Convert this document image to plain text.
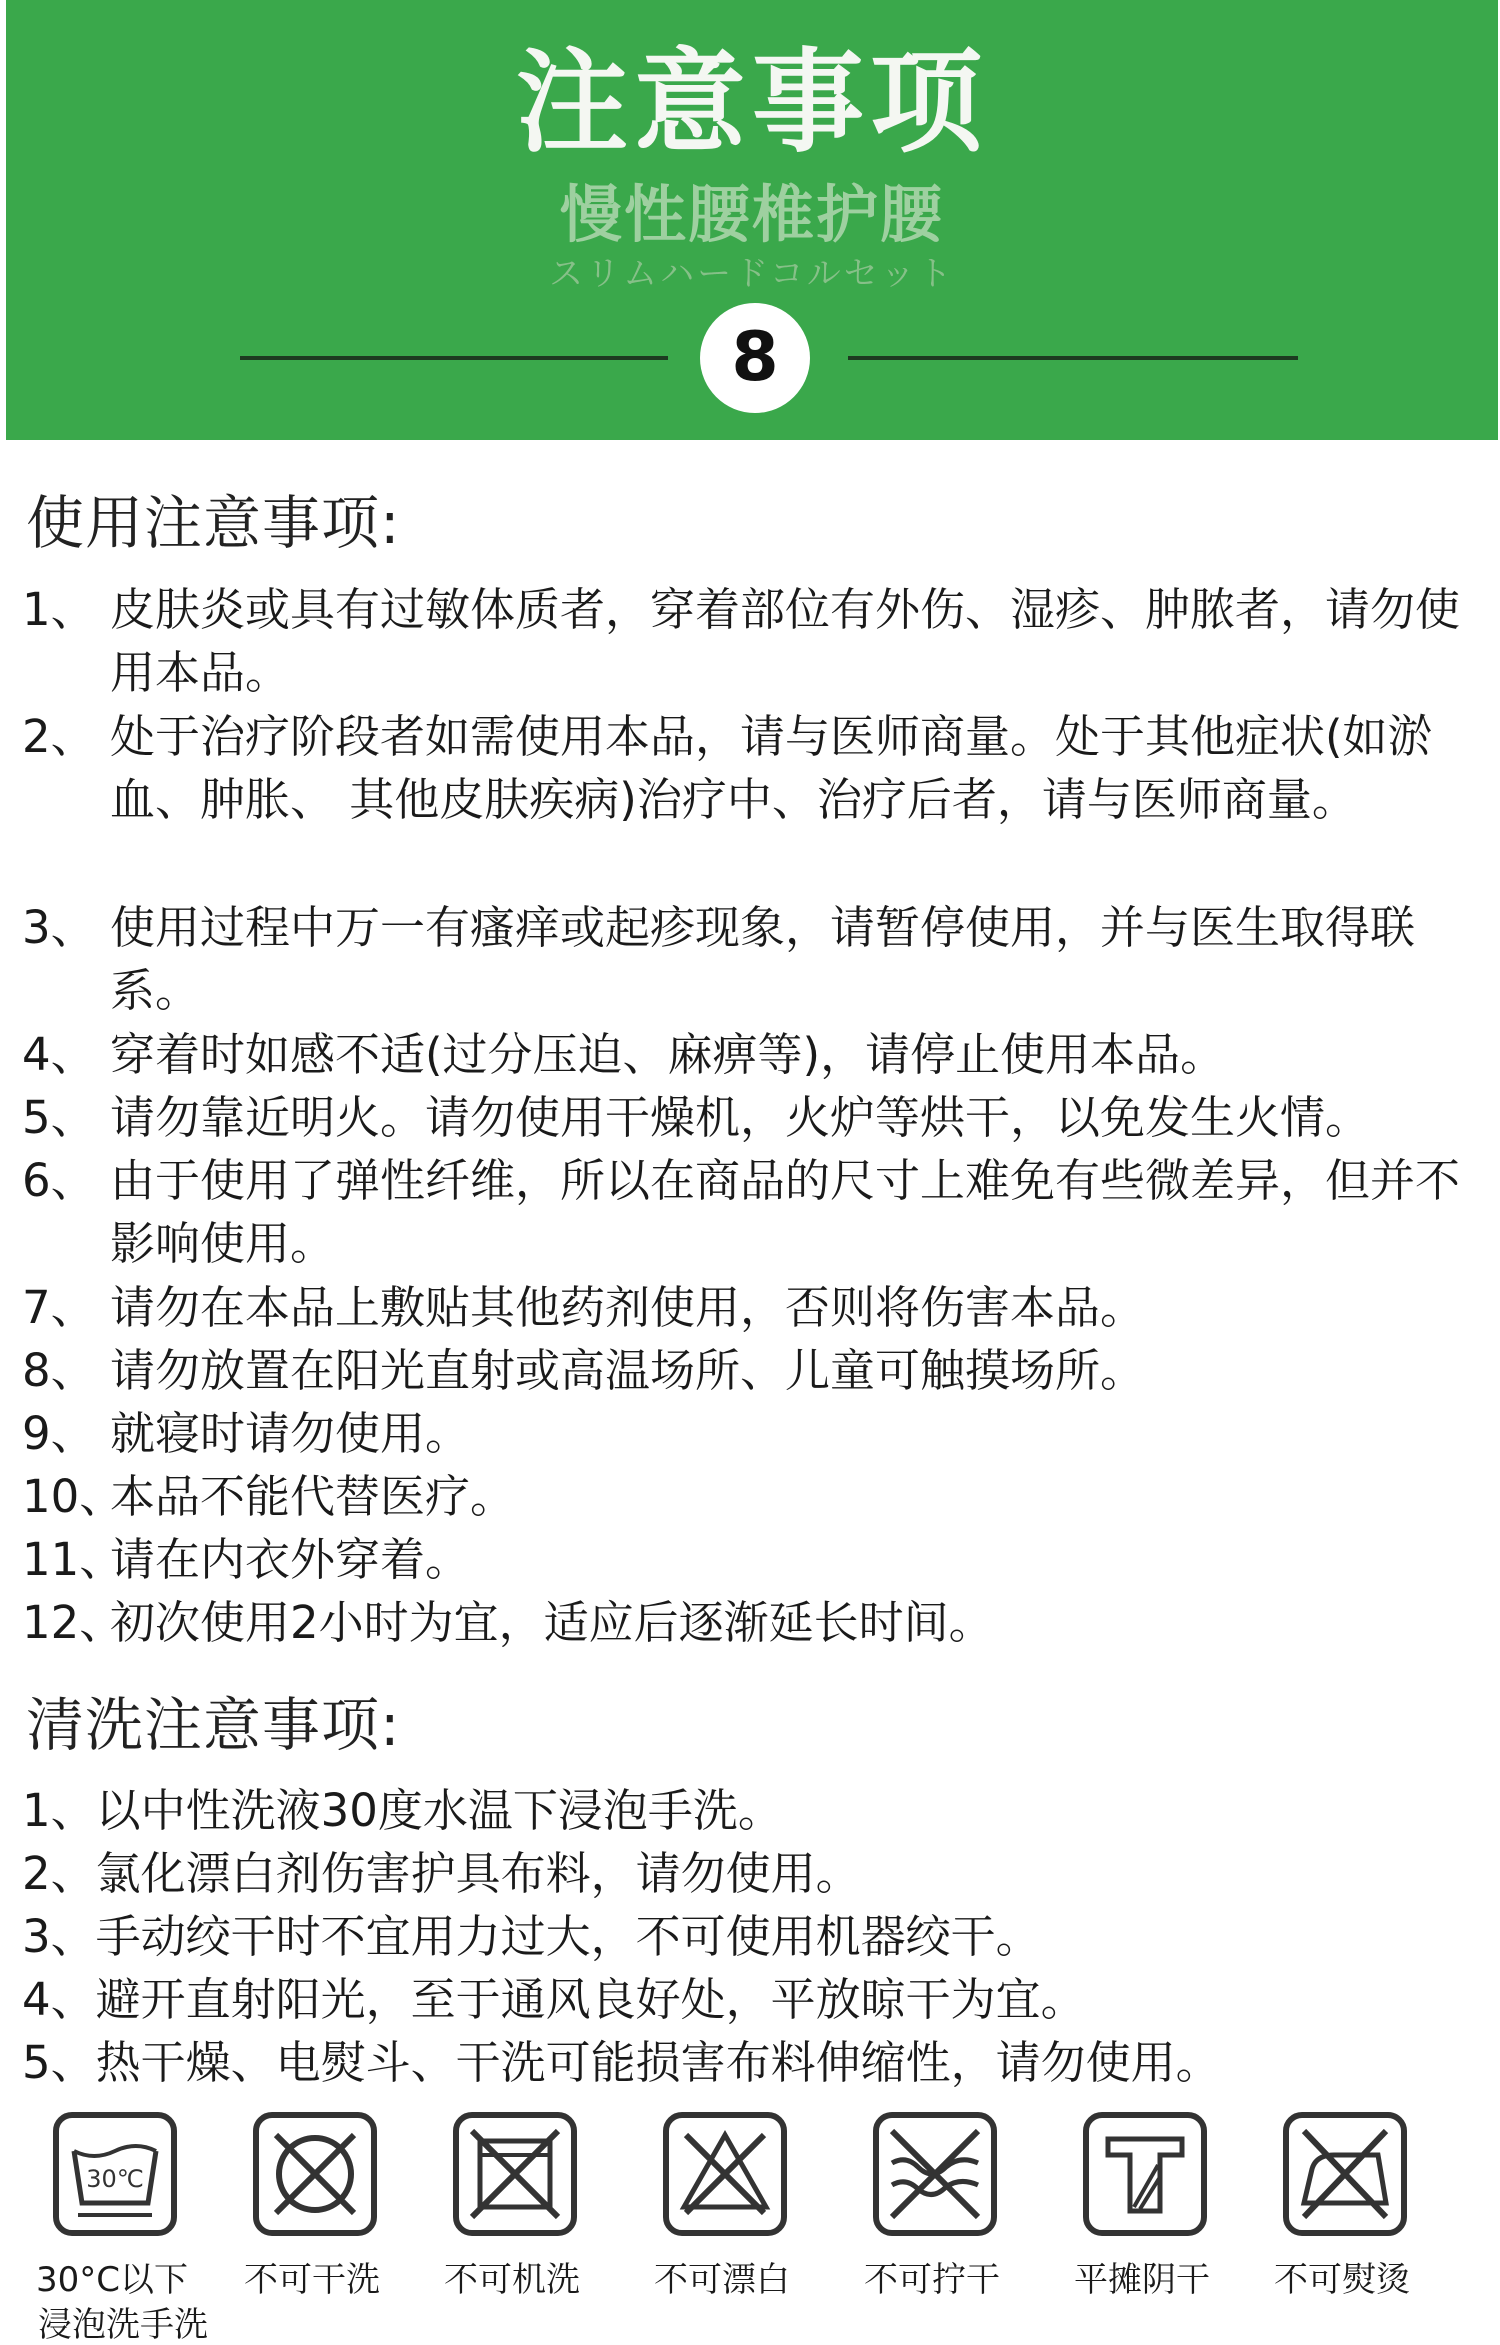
注意事项
慢性腰椎护腰
スリムハードコルセット
8
使用注意事项:
1、 皮肤炎或具有过敏体质者，穿着部位有外伤、湿疹、肿脓者，请勿使用本品。
2、 处于治疗阶段者如需使用本品，请与医师商量。处于其他症状(如淤血、肿胀、 其他皮肤疾病)治疗中、治疗后者，请与医师商量。
3、 使用过程中万一有瘙痒或起疹现象，请暂停使用，并与医生取得联系。
4、 穿着时如感不适(过分压迫、麻痹等)，请停止使用本品。
5、 请勿靠近明火。请勿使用干燥机，火炉等烘干，以免发生火情。
6、 由于使用了弹性纤维，所以在商品的尺寸上难免有些微差异，但并不影响使用。
7、 请勿在本品上敷贴其他药剂使用，否则将伤害本品。
8、 请勿放置在阳光直射或高温场所、儿童可触摸场所。
9、 就寝时请勿使用。
10、
本品不能代替医疗。
11、
请在内衣外穿着。
12、
初次使用2小时为宜，适应后逐渐延长时间。
清洗注意事项:
1、以中性洗液30度水温下浸泡手洗。
2、氯化漂白剂伤害护具布料，请勿使用。
3、手动绞干时不宜用力过大，不可使用机器绞干。
4、避开直射阳光，至于通风良好处，平放晾干为宜。
5、热干燥、电熨斗、干洗可能损害布料伸缩性，请勿使用。
30℃
30°C以下
浸泡洗手洗
不可干洗	不可机洗	不可漂白	不可拧干	平摊阴干	不可熨烫
